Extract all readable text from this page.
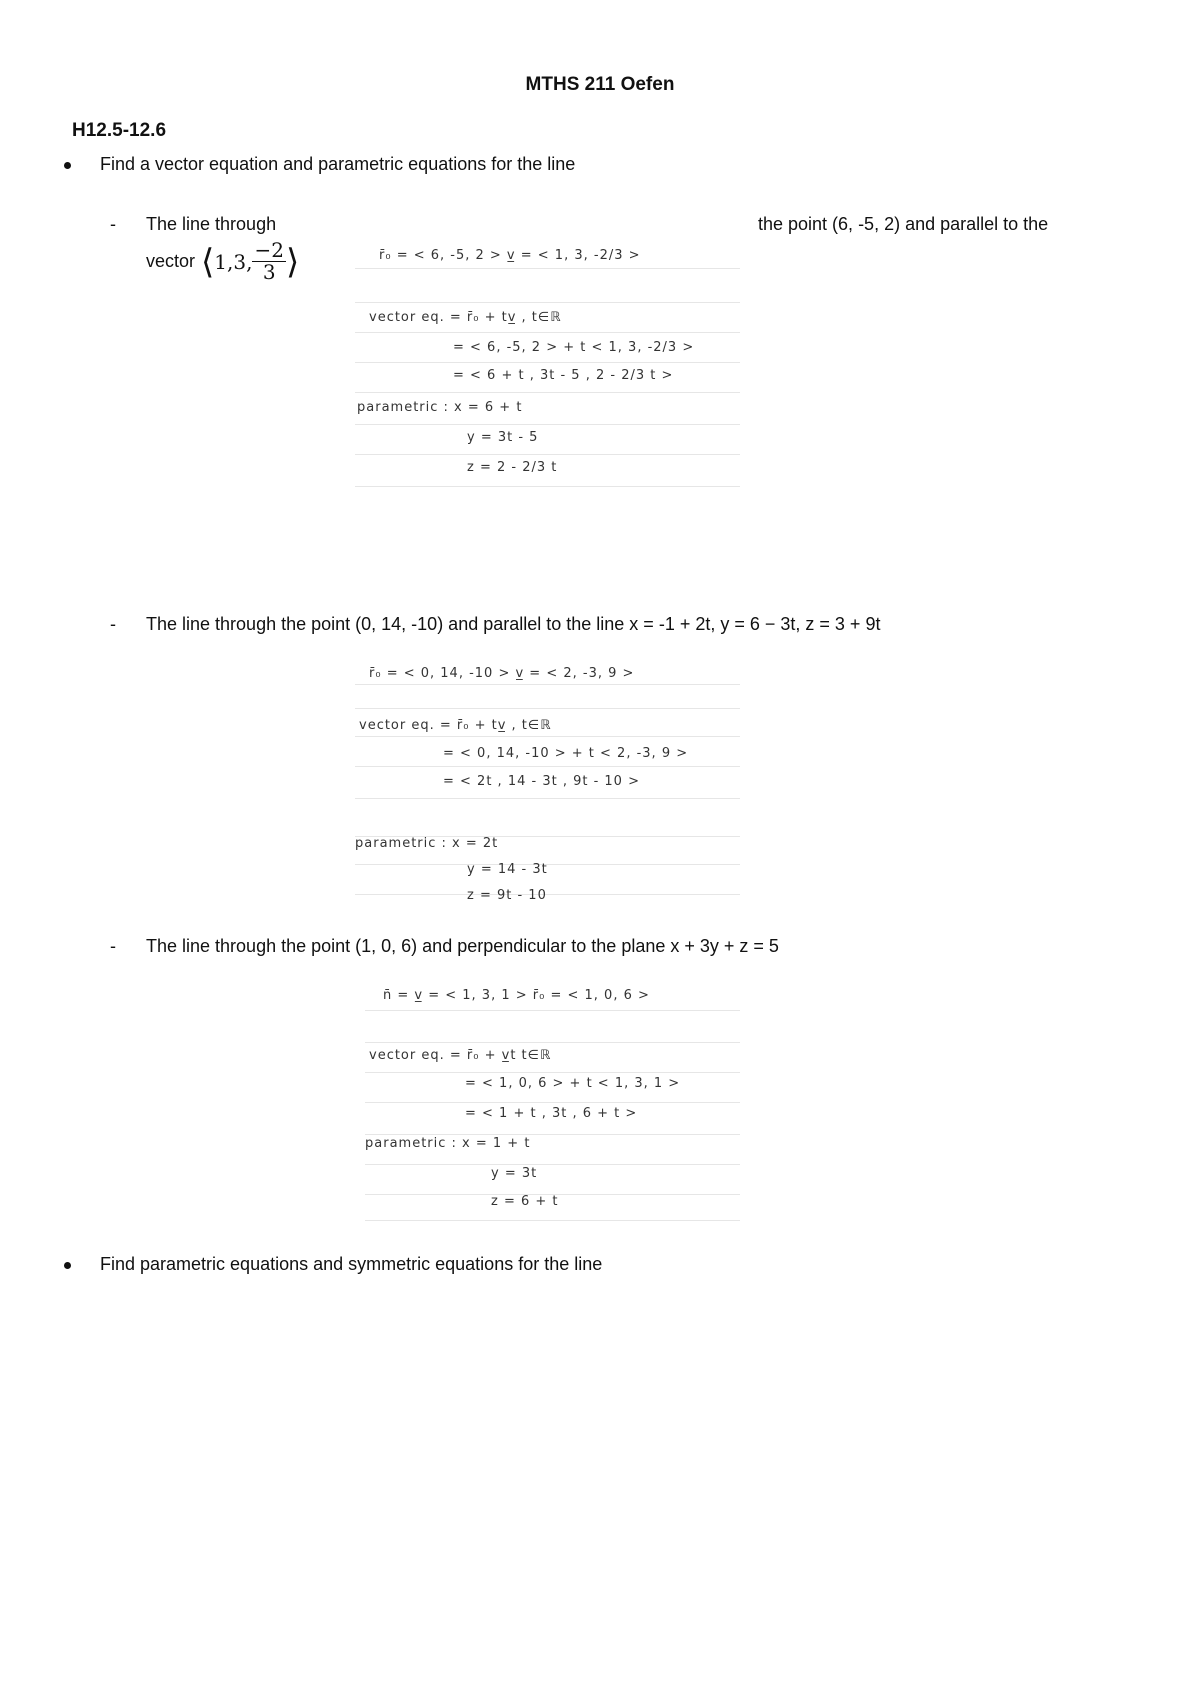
MTHS 211 Oefen
H12.5-12.6
Find a vector equation and parametric equations for the line
- The line through	the point (6, -5, 2) and parallel to the
vector ⟨ 1,3, $\frac{-2}{3}$ ⟩	r̄₀ = < 6, -5, 2 > v̲ = < 1, 3, -2/3 >
vector eq. = r̄₀ + tv̲ , t∈ℝ
= < 6, -5, 2 > + t < 1, 3, -2/3 >
= < 6 + t , 3t - 5 , 2 - 2/3 t >
parametric : x = 6 + t
y = 3t - 5
z = 2 - 2/3 t
- The line through the point (0, 14, -10) and parallel to the line x = -1 + 2t, y = 6 − 3t, z = 3 + 9t
r̄₀ = < 0, 14, -10 > v̲ = < 2, -3, 9 >
vector eq. = r̄₀ + tv̲ , t∈ℝ
= < 0, 14, -10 > + t < 2, -3, 9 >
= < 2t , 14 - 3t , 9t - 10 >
parametric : x = 2t
y = 14 - 3t
z = 9t - 10
- The line through the point (1, 0, 6) and perpendicular to the plane x + 3y + z = 5
n̄ = v̲ = < 1, 3, 1 > r̄₀ = < 1, 0, 6 >
vector eq. = r̄₀ + v̲t t∈ℝ
= < 1, 0, 6 > + t < 1, 3, 1 >
= < 1 + t , 3t , 6 + t >
parametric : x = 1 + t
y = 3t
z = 6 + t
Find parametric equations and symmetric equations for the line
